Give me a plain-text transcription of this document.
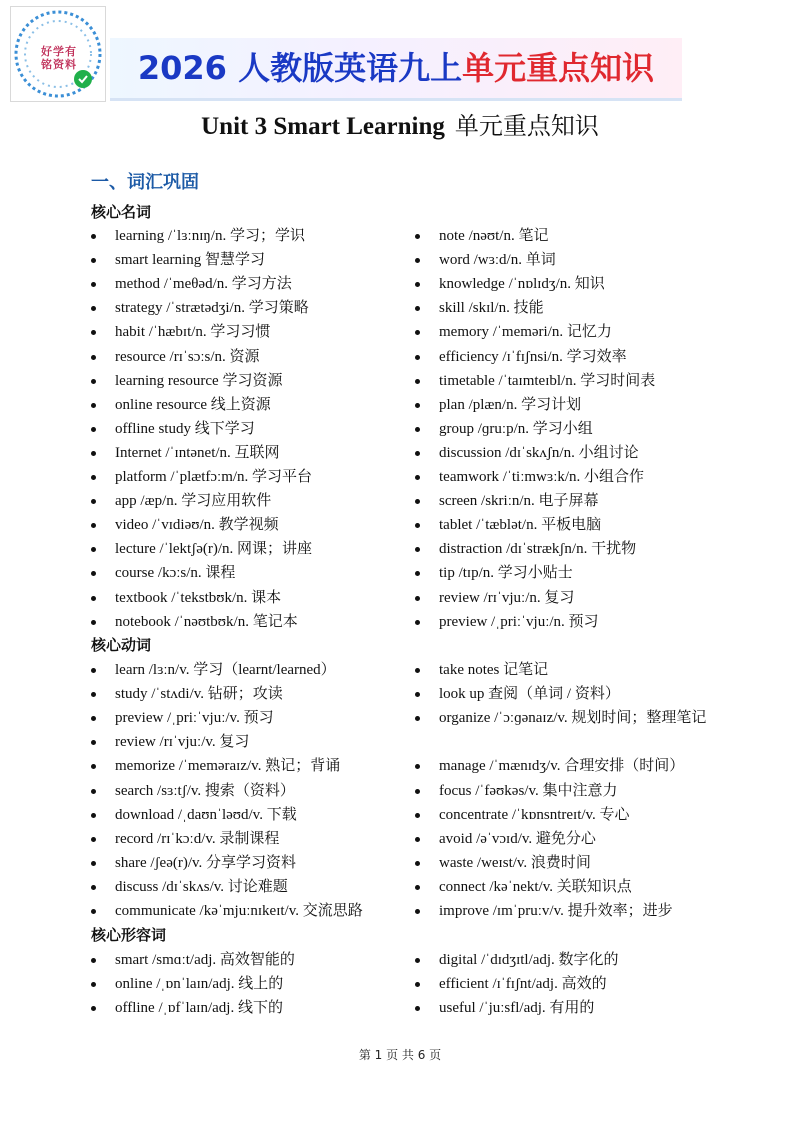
好学有铭资料	2026 人教版英语九上单元重点知识
Unit 3 Smart Learning 单元重点知识
一、词汇巩固
核心名词
核心动词
核心形容词
learning /ˈlɜːnɪŋ/n. 学习；学识
smart learning 智慧学习
method /ˈmeθəd/n. 学习方法
strategy /ˈstrætədʒi/n. 学习策略
habit /ˈhæbɪt/n. 学习习惯
resource /rɪˈsɔːs/n. 资源
learning resource 学习资源
online resource 线上资源
offline study 线下学习
Internet /ˈɪntənet/n. 互联网
platform /ˈplætfɔːm/n. 学习平台
app /æp/n. 学习应用软件
video /ˈvɪdiəʊ/n. 教学视频
lecture /ˈlektʃə(r)/n. 网课；讲座
course /kɔːs/n. 课程
textbook /ˈtekstbʊk/n. 课本
notebook /ˈnəʊtbʊk/n. 笔记本
note /nəʊt/n. 笔记
word /wɜːd/n. 单词
knowledge /ˈnɒlɪdʒ/n. 知识
skill /skɪl/n. 技能
memory /ˈmeməri/n. 记忆力
efficiency /ɪˈfɪʃnsi/n. 学习效率
timetable /ˈtaɪmteɪbl/n. 学习时间表
plan /plæn/n. 学习计划
group /ɡruːp/n. 学习小组
discussion /dɪˈskʌʃn/n. 小组讨论
teamwork /ˈtiːmwɜːk/n. 小组合作
screen /skriːn/n. 电子屏幕
tablet /ˈtæblət/n. 平板电脑
distraction /dɪˈstrækʃn/n. 干扰物
tip /tɪp/n. 学习小贴士
review /rɪˈvjuː/n. 复习
preview /ˌpriːˈvjuː/n. 预习
learn /lɜːn/v. 学习（learnt/learned）
study /ˈstʌdi/v. 钻研；攻读
preview /ˌpriːˈvjuː/v. 预习
review /rɪˈvjuː/v. 复习
memorize /ˈmeməraɪz/v. 熟记；背诵
search /sɜːtʃ/v. 搜索（资料）
download /ˌdaʊnˈləʊd/v. 下载
record /rɪˈkɔːd/v. 录制课程
share /ʃeə(r)/v. 分享学习资料
discuss /dɪˈskʌs/v. 讨论难题
communicate /kəˈmjuːnɪkeɪt/v. 交流思路
take notes 记笔记
look up 查阅（单词 / 资料）
organize /ˈɔːɡənaɪz/v. 规划时间；整理笔记
manage /ˈmænɪdʒ/v. 合理安排（时间）
focus /ˈfəʊkəs/v. 集中注意力
concentrate /ˈkɒnsntreɪt/v. 专心
avoid /əˈvɔɪd/v. 避免分心
waste /weɪst/v. 浪费时间
connect /kəˈnekt/v. 关联知识点
improve /ɪmˈpruːv/v. 提升效率；进步
smart /smɑːt/adj. 高效智能的
online /ˌɒnˈlaɪn/adj. 线上的
offline /ˌɒfˈlaɪn/adj. 线下的
digital /ˈdɪdʒɪtl/adj. 数字化的
efficient /ɪˈfɪʃnt/adj. 高效的
useful /ˈjuːsfl/adj. 有用的
第 1 页 共 6 页
